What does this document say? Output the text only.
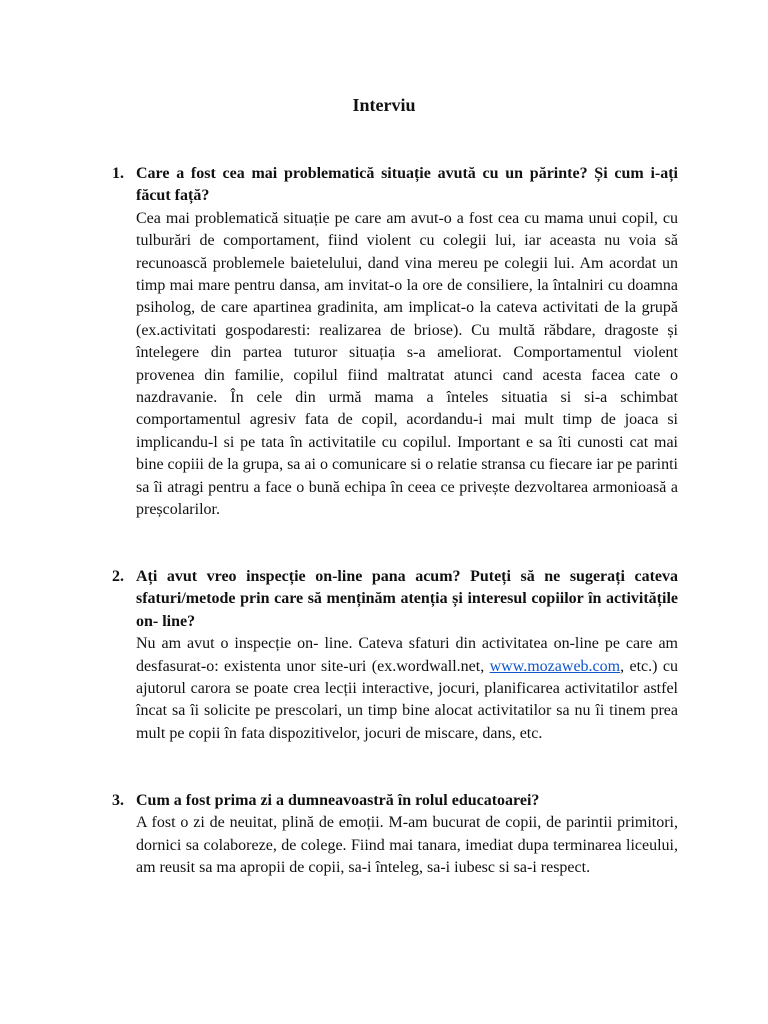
Interviu
1. Care a fost cea mai problematică situație avută cu un părinte? Și cum i-ați făcut față?
Cea mai problematică situație pe care am avut-o a fost cea cu mama unui copil, cu tulburări de comportament, fiind violent cu colegii lui, iar aceasta nu voia să recunoască problemele baietelului, dand vina mereu pe colegii lui. Am acordat un timp mai mare pentru dansa, am invitat-o la ore de consiliere, la întalniri cu doamna psiholog, de care apartinea gradinita, am implicat-o la cateva activitati de la grupă (ex.activitati gospodaresti: realizarea de briose). Cu multă răbdare, dragoste și întelegere din partea tuturor situația s-a ameliorat. Comportamentul violent provenea din familie, copilul fiind maltratat atunci cand acesta facea cate o nazdravanie. În cele din urmă mama a înteles situatia si si-a schimbat comportamentul agresiv fata de copil, acordandu-i mai mult timp de joaca si implicandu-l si pe tata în activitatile cu copilul. Important e sa îti cunosti cat mai bine copiii de la grupa, sa ai o comunicare si o relatie stransa cu fiecare iar pe parinti sa îi atragi pentru a face o bună echipa în ceea ce privește dezvoltarea armonioasă a preșcolarilor.
2. Ați avut vreo inspecție on-line pana acum? Puteți să ne sugerați cateva sfaturi/metode prin care să menținăm atenția și interesul copiilor în activitățile on- line?
Nu am avut o inspecție on- line. Cateva sfaturi din activitatea on-line pe care am desfasurat-o: existenta unor site-uri (ex.wordwall.net, www.mozaweb.com, etc.) cu ajutorul carora se poate crea lecții interactive, jocuri, planificarea activitatilor astfel încat sa îi solicite pe prescolari, un timp bine alocat activitatilor sa nu îi tinem prea mult pe copii în fata dispozitivelor, jocuri de miscare, dans, etc.
3. Cum a fost prima zi a dumneavoastră în rolul educatoarei?
A fost o zi de neuitat, plină de emoții. M-am bucurat de copii, de parintii primitori, dornici sa colaboreze, de colege. Fiind mai tanara, imediat dupa terminarea liceului, am reusit sa ma apropii de copii, sa-i înteleg, sa-i iubesc si sa-i respect.
